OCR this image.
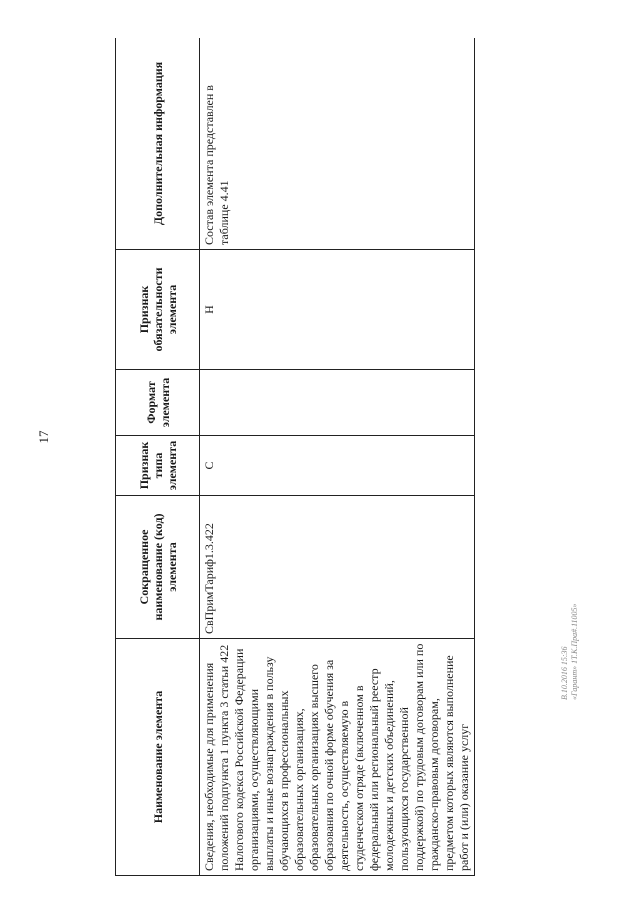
17
Наименование элемента	Сокращенное наименование (код) элемента	Признак типа элемента	Формат элемента	Признак обязательности элемента	Дополнительная информация
Сведения, необходимые для применения положений подпункта 1 пункта 3 статьи 422 Налогового кодекса Российской Федерации организациями, осуществляющими выплаты и иные вознаграждения в пользу обучающихся в профессиональных образовательных организациях, образовательных организациях высшего образования по очной форме обучения за деятельность, осуществляемую в студенческом отряде (включенном в федеральный или региональный реестр молодежных и детских объединений, пользующихся государственной поддержкой) по трудовым договорам или по гражданско-правовым договорам, предметом которых являются выполнение работ и (или) оказание услуг	СвПримТариф1.3.422	С		Н	Состав элемента представлен в таблице 4.41
В.10.2016 15:36 «Гарант» 1Т.К.Пра#.11005»
